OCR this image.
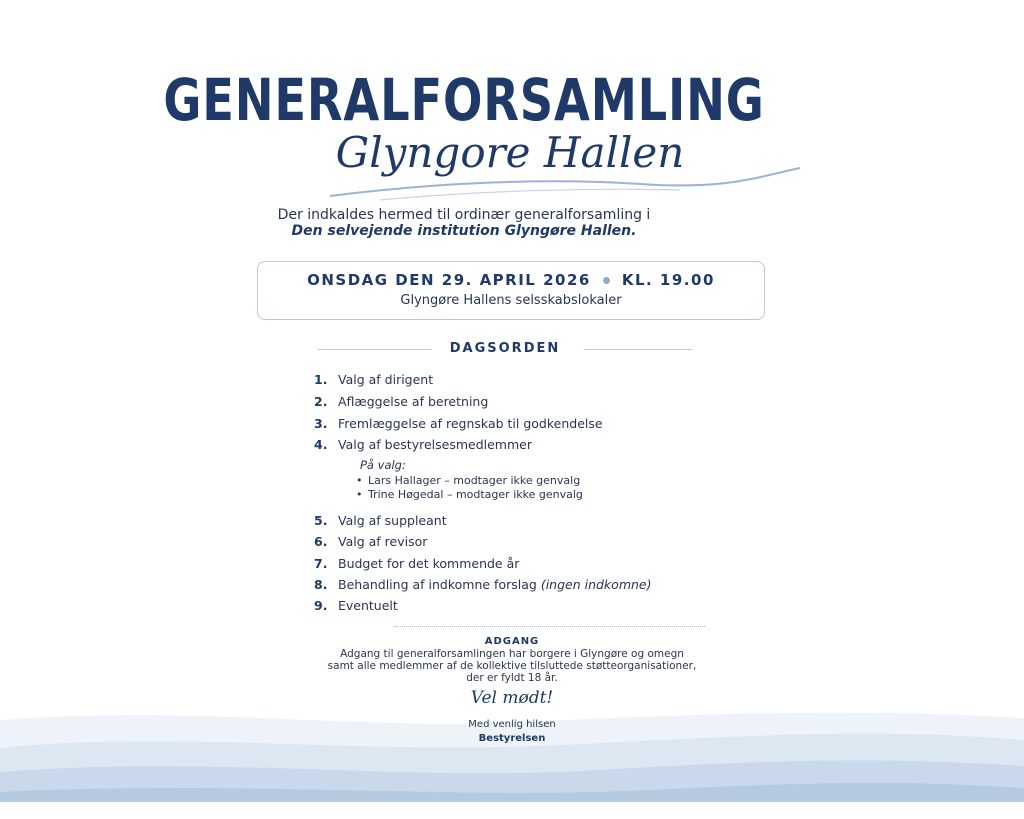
GENERALFORSAMLING
Glyngore Hallen
Der indkaldes hermed til ordinær generalforsamling i
Den selvejende institution Glyngøre Hallen.
ONSDAG DEN 29. APRIL 2026 KL. 19.00
Glyngøre Hallens selsskabslokaler
DAGSORDEN
1. Valg af dirigent
2. Aflæggelse af beretning
3. Fremlæggelse af regnskab til godkendelse
4. Valg af bestyrelsesmedlemmer
På valg:
• Lars Hallager – modtager ikke genvalg
• Trine Høgedal – modtager ikke genvalg
5. Valg af suppleant
6. Valg af revisor
7. Budget for det kommende år
8. Behandling af indkomne forslag (ingen indkomne)
9. Eventuelt
ADGANG
Adgang til generalforsamlingen har borgere i Glyngøre og omegn
samt alle medlemmer af de kollektive tilsluttede støtteorganisationer,
der er fyldt 18 år.
Vel mødt!
Med venlig hilsen
Bestyrelsen
